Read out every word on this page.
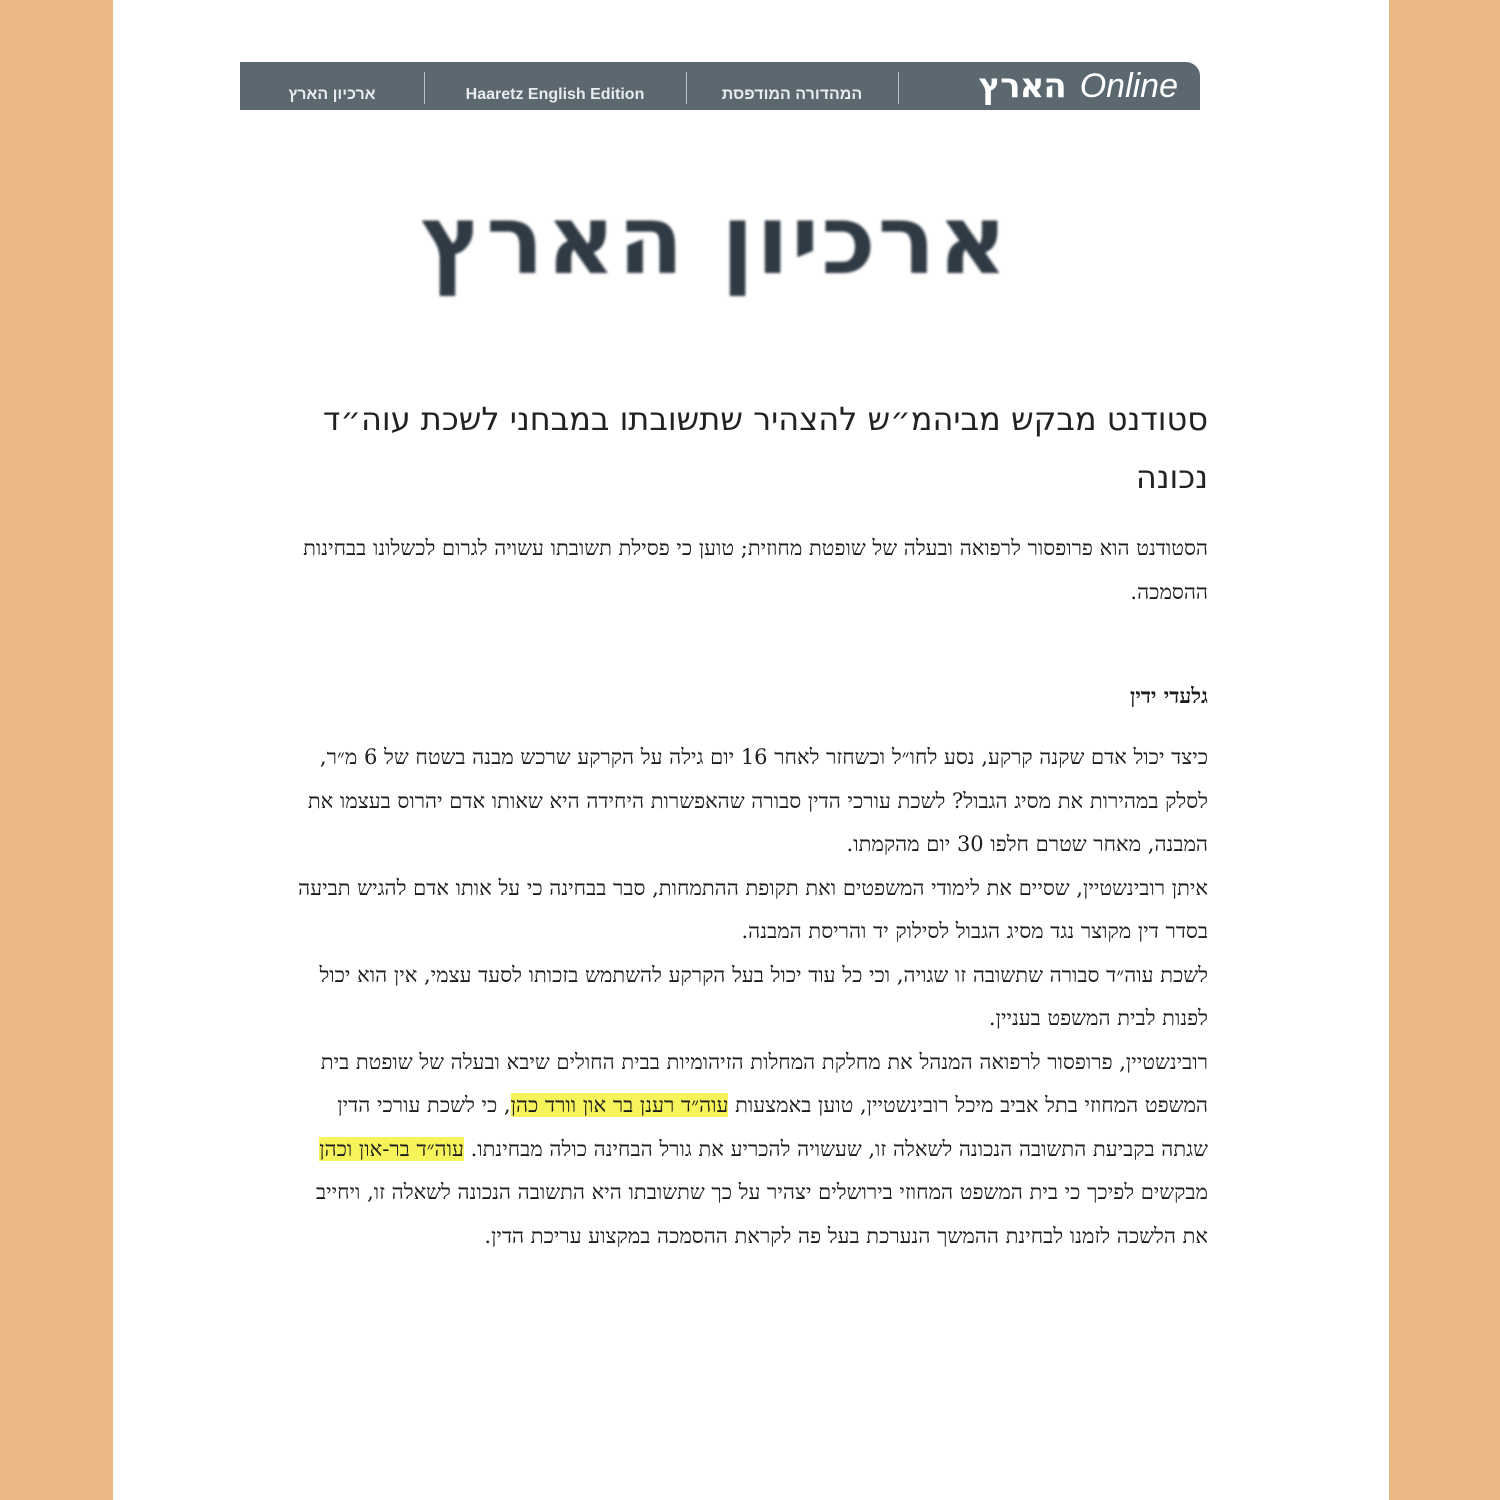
הארץ Online
המהדורה המודפסת
Haaretz English Edition
ארכיון הארץ
ארכיון הארץ
סטודנט מבקש מביהמ״ש להצהיר שתשובתו במבחני לשכת עוה״ד נכונה
הסטודנט הוא פרופסור לרפואה ובעלה של שופטת מחוזית; טוען כי פסילת תשובתו עשויה לגרום לכשלונו בבחינות ההסמכה.
גלעדי ידין

כיצד יכול אדם שקנה קרקע, נסע לחו״ל וכשחזר לאחר 16 יום גילה על הקרקע שרכש מבנה בשטח של 6 מ״ר, לסלק במהירות את מסיג הגבול? לשכת עורכי הדין סבורה שהאפשרות היחידה היא שאותו אדם יהרוס בעצמו את המבנה, מאחר שטרם חלפו 30 יום מהקמתו.

איתן רובינשטיין, שסיים את לימודי המשפטים ואת תקופת ההתמחות, סבר בבחינה כי על אותו אדם להגיש תביעה בסדר דין מקוצר נגד מסיג הגבול לסילוק יד והריסת המבנה.

לשכת עוה״ד סבורה שתשובה זו שגויה, וכי כל עוד יכול בעל הקרקע להשתמש בזכותו לסעד עצמי, אין הוא יכול לפנות לבית המשפט בעניין.

רובינשטיין, פרופסור לרפואה המנהל את מחלקת המחלות הזיהומיות בבית החולים שיבא ובעלה של שופטת בית המשפט המחוזי בתל אביב מיכל רובינשטיין, טוען באמצעות עוה״ד רענן בר און וורד כהן, כי לשכת עורכי הדין שגתה בקביעת התשובה הנכונה לשאלה זו, שעשויה להכריע את גורל הבחינה כולה מבחינתו. עוה״ד בר-און וכהן מבקשים לפיכך כי בית המשפט המחוזי בירושלים יצהיר על כך שתשובתו היא התשובה הנכונה לשאלה זו, ויחייב את הלשכה לזמנו לבחינת ההמשך הנערכת בעל פה לקראת ההסמכה במקצוע עריכת הדין.
